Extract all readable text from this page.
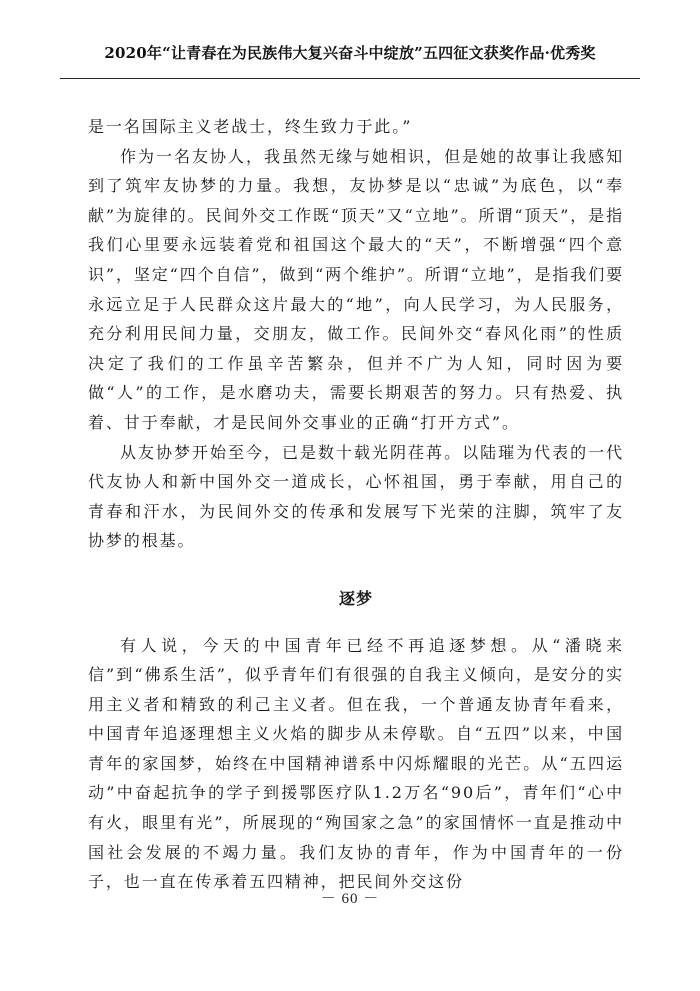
2020年“让青春在为民族伟大复兴奋斗中绽放”五四征文获奖作品·优秀奖

是一名国际主义老战士，终生致力于此。”

作为一名友协人，我虽然无缘与她相识，但是她的故事让我感知到了筑牢友协梦的力量。我想，友协梦是以“忠诚”为底色，以“奉献”为旋律的。民间外交工作既“顶天”又“立地”。所谓“顶天”，是指我们心里要永远装着党和祖国这个最大的“天”，不断增强“四个意识”，坚定“四个自信”，做到“两个维护”。所谓“立地”，是指我们要永远立足于人民群众这片最大的“地”，向人民学习，为人民服务，充分利用民间力量，交朋友，做工作。民间外交“春风化雨”的性质决定了我们的工作虽辛苦繁杂，但并不广为人知，同时因为要做“人”的工作，是水磨功夫，需要长期艰苦的努力。只有热爱、执着、甘于奉献，才是民间外交事业的正确“打开方式”。

从友协梦开始至今，已是数十载光阴荏苒。以陆璀为代表的一代代友协人和新中国外交一道成长，心怀祖国，勇于奉献，用自己的青春和汗水，为民间外交的传承和发展写下光荣的注脚，筑牢了友协梦的根基。

逐梦

有人说，今天的中国青年已经不再追逐梦想。从“潘晓来信”到“佛系生活”，似乎青年们有很强的自我主义倾向，是安分的实用主义者和精致的利己主义者。但在我，一个普通友协青年看来，中国青年追逐理想主义火焰的脚步从未停歇。自“五四”以来，中国青年的家国梦，始终在中国精神谱系中闪烁耀眼的光芒。从“五四运动”中奋起抗争的学子到援鄂医疗队1.2万名“90后”，青年们“心中有火，眼里有光”，所展现的“殉国家之急”的家国情怀一直是推动中国社会发展的不竭力量。我们友协的青年，作为中国青年的一份子，也一直在传承着五四精神，把民间外交这份

－ 60 －
